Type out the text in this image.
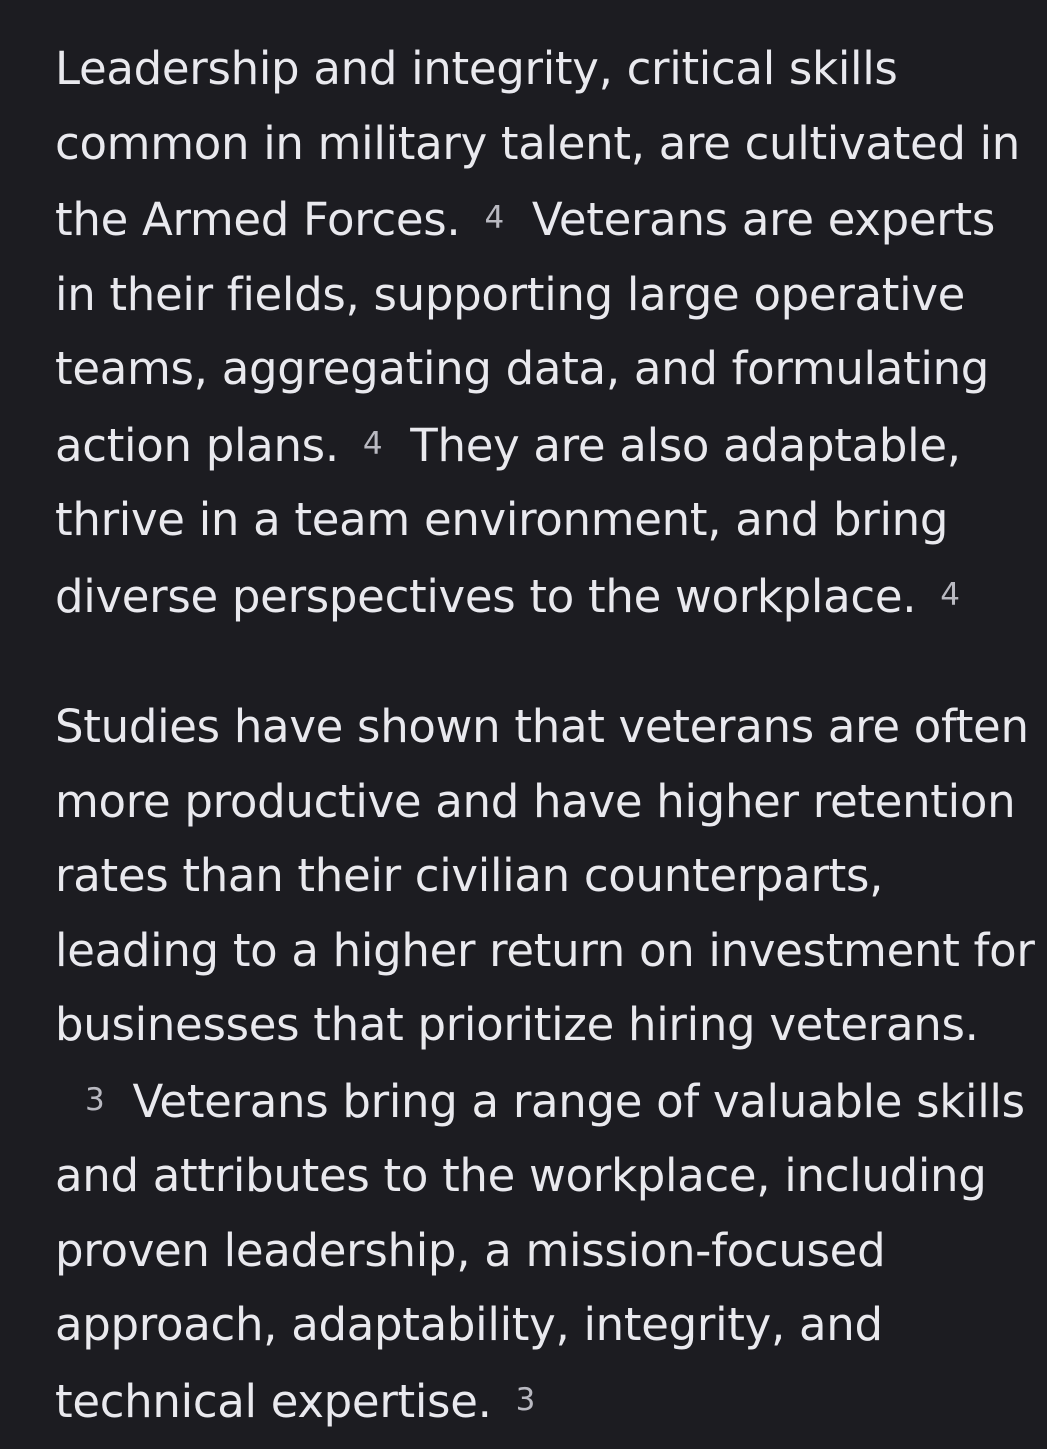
Leadership and integrity, critical skills
common in military talent, are cultivated in
the Armed Forces. 4 Veterans are experts
in their fields, supporting large operative
teams, aggregating data, and formulating
action plans. 4 They are also adaptable,
thrive in a team environment, and bring
diverse perspectives to the workplace. 4

Studies have shown that veterans are often
more productive and have higher retention
rates than their civilian counterparts,
leading to a higher return on investment for
businesses that prioritize hiring veterans.
3 Veterans bring a range of valuable skills
and attributes to the workplace, including
proven leadership, a mission-focused
approach, adaptability, integrity, and
technical expertise. 3
